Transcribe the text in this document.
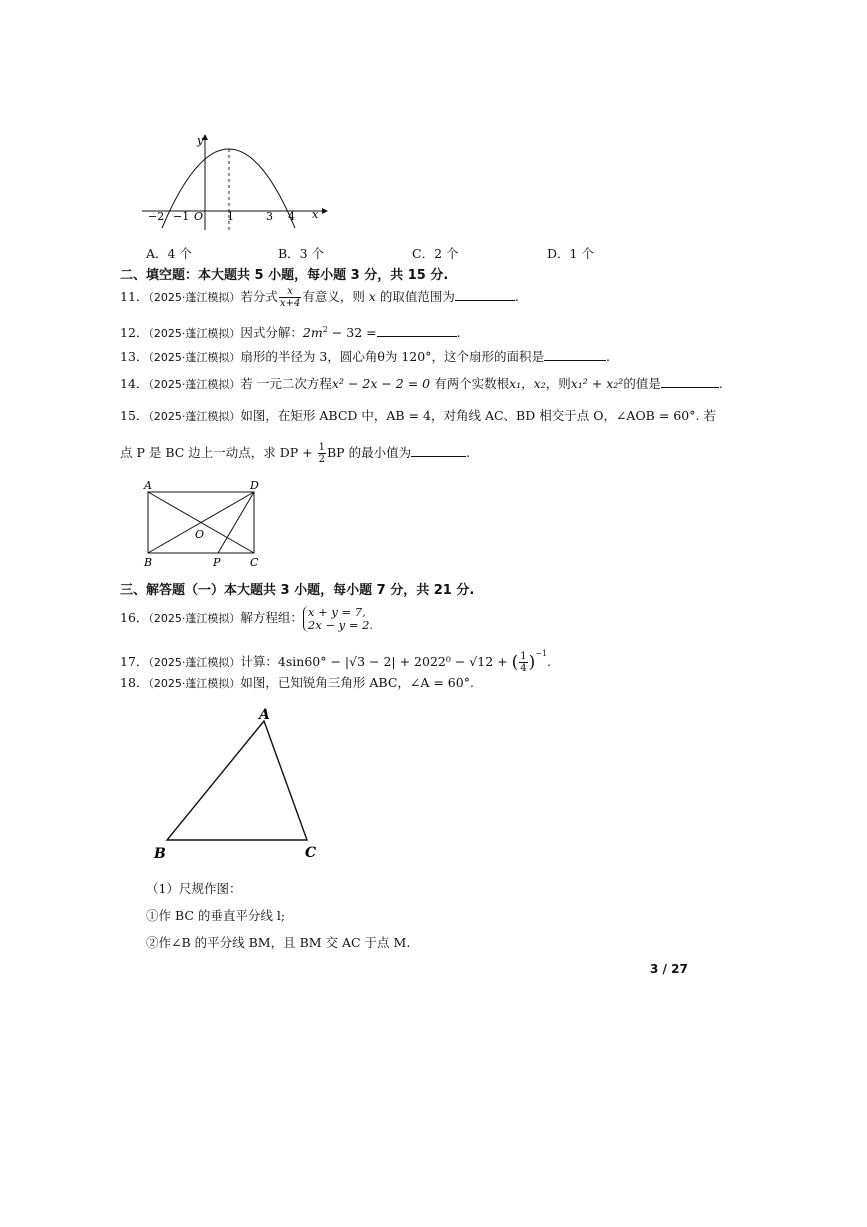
y
x
O
−2 −1	1	3 4
A．4 个	B．3 个	C．2 个	D．1 个
二、填空题：本大题共 5 小题，每小题 3 分，共 15 分.
11．（2025·蓬江模拟）若分式 $\frac{x}{x+4}$ 有意义，则 x 的取值范围为	.
12．（2025·蓬江模拟）因式分解：$2m^2 - 32$ =	.
13．（2025·蓬江模拟）扇形的半径为 3，圆心角θ为 120°，这个扇形的面积是	.
14．（2025·蓬江模拟）若 一元二次方程x² − 2x − 2 = 0 有两个实数根x₁，x₂，则x₁² + x₂²的值是	.
15．（2025·蓬江模拟）如图，在矩形 ABCD 中，AB = 4，对角线 AC、BD 相交于点 O，∠AOB = 60°. 若
点 P 是 BC 边上一动点，求 DP + $\frac{1}{2}$ BP 的最小值为	.
A	D
O
B	P	C
三、解答题（一）本大题共 3 小题，每小题 7 分，共 21 分.
16．（2025·蓬江模拟）解方程组： x + y = 7,
2x − y = 2.
17．（2025·蓬江模拟）计算：4sin60° − |√3 − 2| + 2022⁰ − √12 + ( $\frac{1}{4} )^{-1}$.
18．（2025·蓬江模拟）如图，已知锐角三角形 ABC，∠A = 60°.
A
B	C
（1）尺规作图：
①作 BC 的垂直平分线 l;
②作∠B 的平分线 BM，且 BM 交 AC 于点 M.
3 / 27
